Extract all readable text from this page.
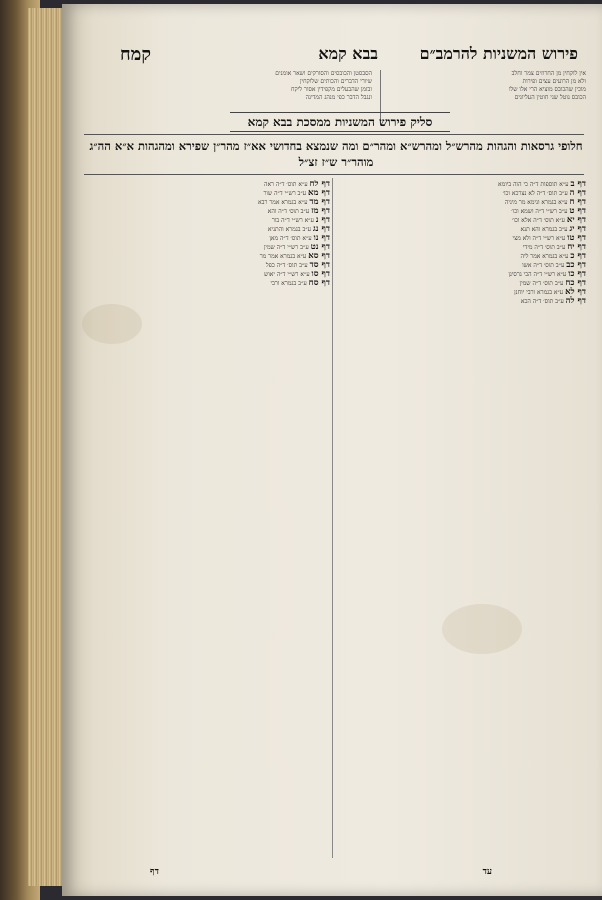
פירוש המשניות להרמב״ם
בבא קמא
קמח
אין לוקחין מן החרוזים צמר וחלב
ולא מן הרועים עצים ופירות
מוכין שהכובס מוציא הרי אלו שלו
הכובס נוטל שני חוטין העליונים
הסבסטן והכובסים והסורקים ושאר אומנים
שיורי הדברים והכותים שלוקחין
ובזמן שהבעלים מקפידין אסור ליקח
ונגבל הדבר כפי מנהג המדינה
סליק פירוש המשניות ממסכת בבא קמא
חלופי גרסאות והגהות מהרש״ל ומהרש״א ומהר״ם ומה שנמצא בחדושי אא״ז מהר״ן שפירא ומהגהות א״א הה״ג מוהר״ר ש״ז זצ״ל

דף ב ע״א תוספות ד״ה כי הוה ביומא

דף ה ע״ב תוס׳ ד״ה לא נצרכא וכו׳

דף ח ע״א בגמרא ונימא מר מיניה

דף ט ע״ב רש״י ד״ה ושמא וכו׳

דף יא ע״א תוס׳ ד״ה אלא וכו׳

דף יג ע״ב בגמרא והא תנא

דף טו ע״א רש״י ד״ה ולא מצי

דף יח ע״ב תוס׳ ד״ה מידי

דף כ ע״א בגמרא אמר ליה

דף כב ע״ב תוס׳ ד״ה אשו

דף כו ע״א רש״י ד״ה הכי גרסינן

דף כח ע״ב תוס׳ ד״ה שמין

דף לא ע״א בגמרא ורבי יוחנן

דף לה ע״ב תוס׳ ד״ה הכא

דף לח ע״א תוס׳ ד״ה ראה

דף מא ע״ב רש״י ד״ה שור

דף מד ע״א בגמרא אמר רבא

דף מז ע״ב תוס׳ ד״ה והא

דף נ ע״א רש״י ד״ה בור

דף נג ע״ב בגמרא והתניא

דף נו ע״א תוס׳ ד״ה מאן

דף נט ע״ב רש״י ד״ה שמין

דף סא ע״א בגמרא אמר מר

דף סד ע״ב תוס׳ ד״ה כפל

דף סו ע״א רש״י ד״ה יאוש

דף סח ע״ב בגמרא ורבי

עד
דף
